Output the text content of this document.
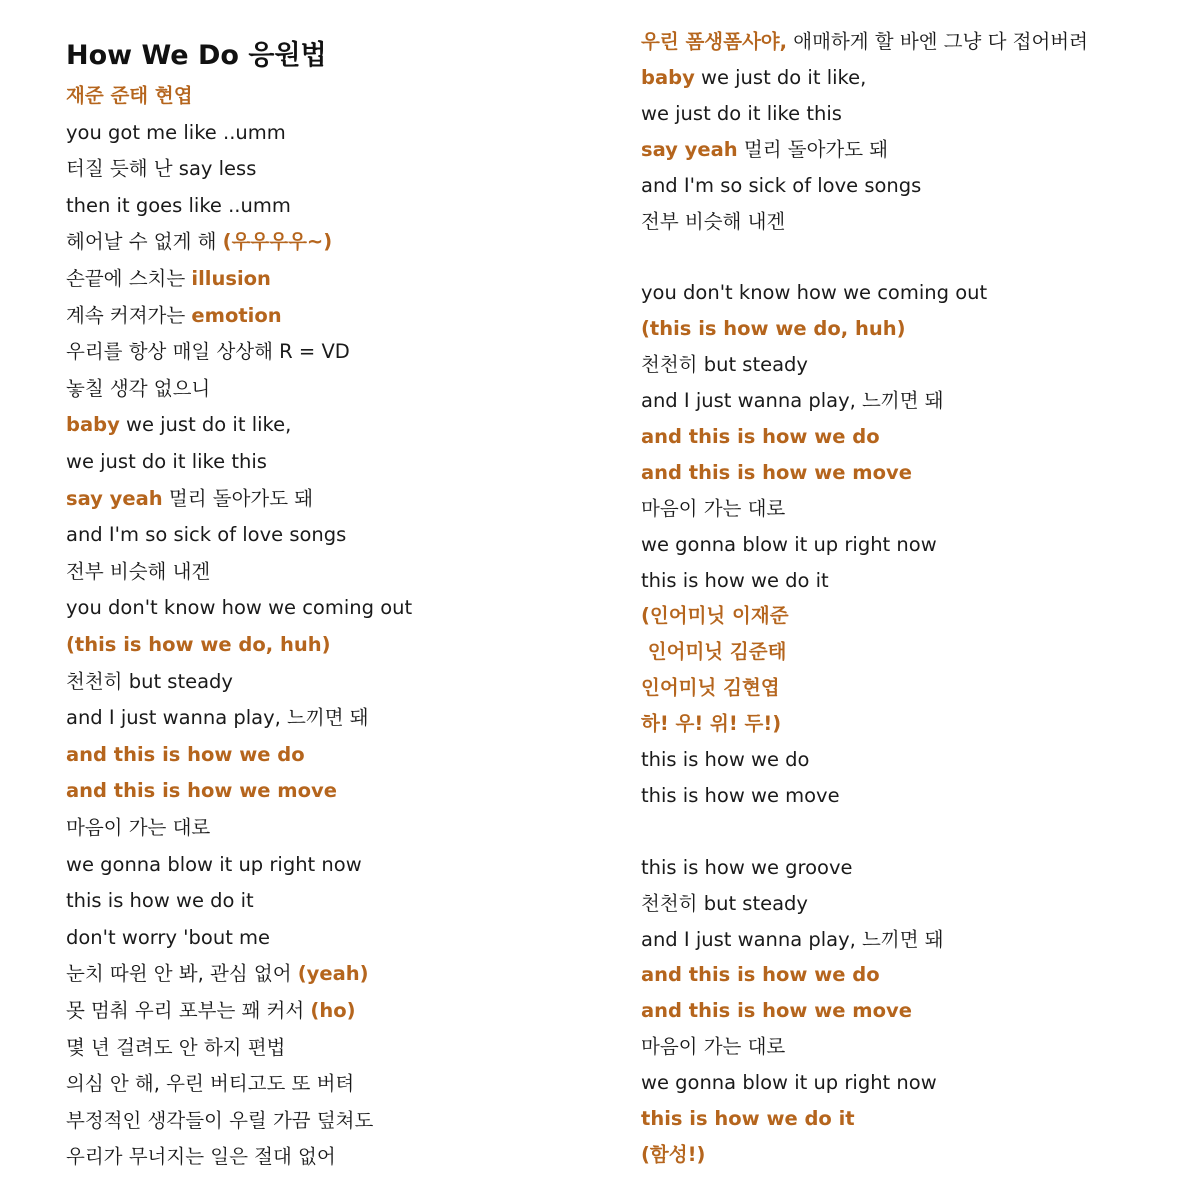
How We Do 응원법
재준 준태 현엽
you got me like ..umm
터질 듯해 난 say less
then it goes like ..umm
헤어날 수 없게 해 (우우우우~)
손끝에 스치는 illusion
계속 커져가는 emotion
우리를 항상 매일 상상해 R = VD
놓칠 생각 없으니
baby we just do it like,
we just do it like this
say yeah 멀리 돌아가도 돼
and I'm so sick of love songs
전부 비슷해 내겐
you don't know how we coming out
(this is how we do, huh)
천천히 but steady
and I just wanna play, 느끼면 돼
and this is how we do
and this is how we move
마음이 가는 대로
we gonna blow it up right now
this is how we do it
don't worry 'bout me
눈치 따윈 안 봐, 관심 없어 (yeah)
못 멈춰 우리 포부는 꽤 커서 (ho)
몇 년 걸려도 안 하지 편법
의심 안 해, 우린 버티고도 또 버텨
부정적인 생각들이 우릴 가끔 덮쳐도
우리가 무너지는 일은 절대 없어
우린 폼생폼사야, 애매하게 할 바엔 그냥 다 접어버려
baby we just do it like,
we just do it like this
say yeah 멀리 돌아가도 돼
and I'm so sick of love songs
전부 비슷해 내겐
you don't know how we coming out
(this is how we do, huh)
천천히 but steady
and I just wanna play, 느끼면 돼
and this is how we do
and this is how we move
마음이 가는 대로
we gonna blow it up right now
this is how we do it
(인어미닛 이재준
인어미닛 김준태
인어미닛 김현엽
하! 우! 위! 두!)
this is how we do
this is how we move
this is how we groove
천천히 but steady
and I just wanna play, 느끼면 돼
and this is how we do
and this is how we move
마음이 가는 대로
we gonna blow it up right now
this is how we do it
(함성!)
